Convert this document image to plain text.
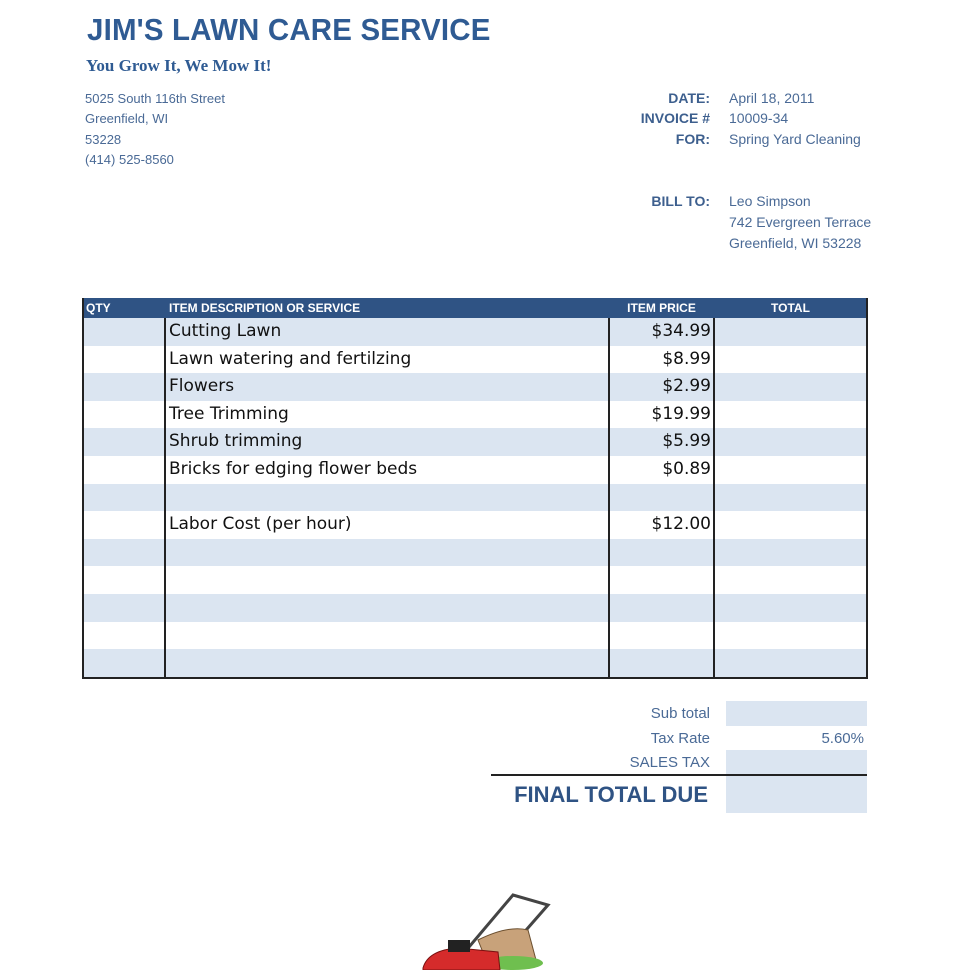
JIM'S LAWN CARE SERVICE
You Grow It, We Mow It!
5025 South 116th Street
Greenfield, WI
53228
(414) 525-8560
DATE: April 18, 2011
INVOICE # 10009-34
FOR: Spring Yard Cleaning
BILL TO: Leo Simpson
742 Evergreen Terrace
Greenfield, WI 53228
QTY	ITEM DESCRIPTION OR SERVICE	ITEM PRICE	TOTAL
Cutting Lawn	$34.99
Lawn watering and fertilzing	$8.99
Flowers	$2.99
Tree Trimming	$19.99
Shrub trimming	$5.99
Bricks for edging flower beds	$0.89
Labor Cost (per hour)	$12.00
Sub total
Tax Rate	5.60%
SALES TAX
FINAL TOTAL DUE
